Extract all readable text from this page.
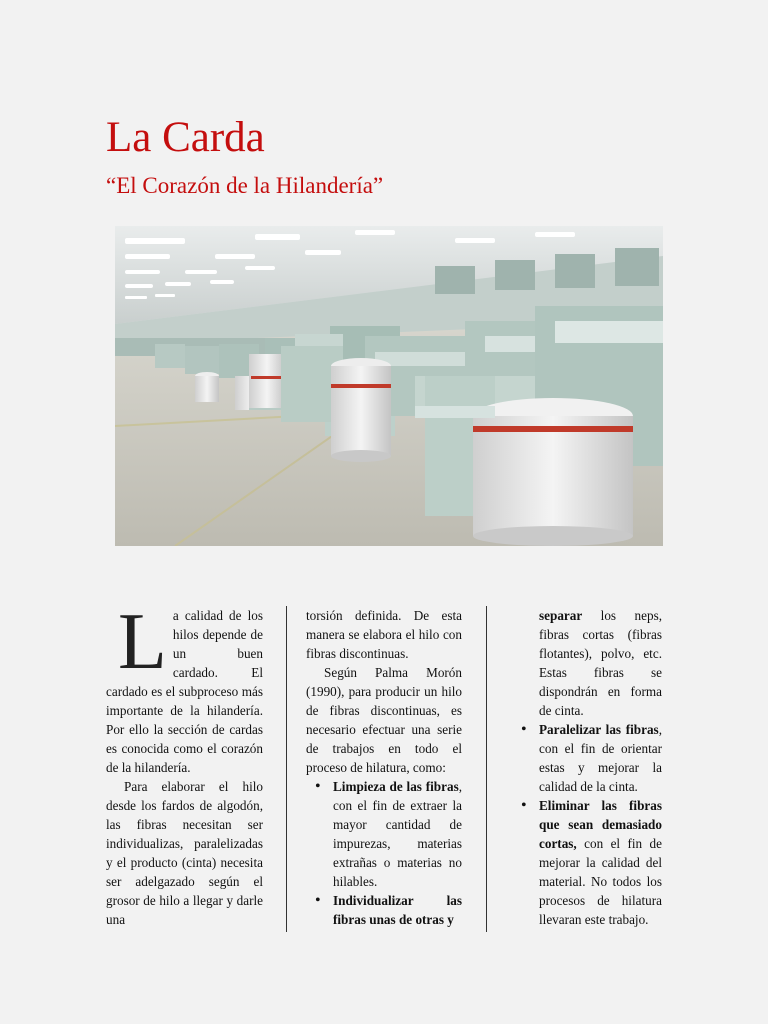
La Carda
“El Corazón de la Hilandería”

La calidad de los hilos depende de un buen cardado. El cardado es el subproceso más importante de la hilandería. Por ello la sección de cardas es conocida como el corazón de la hilandería.

Para elaborar el hilo desde los fardos de algodón, las fibras necesitan ser individualizas, paralelizadas y el producto (cinta) necesita ser adelgazado según el grosor de hilo a llegar y darle una

torsión definida. De esta manera se elabora el hilo con fibras discontinuas.

Según Palma Morón (1990), para producir un hilo de fibras discontinuas, es necesario efectuar una serie de trabajos en todo el proceso de hilatura, como:

• Limpieza de las fibras, con el fin de extraer la mayor cantidad de impurezas, materias extrañas o materias no hilables.
• Individualizar las fibras unas de otras y

separar los neps, fibras cortas (fibras flotantes), polvo, etc. Estas fibras se dispondrán en forma de cinta.

• Paralelizar las fibras, con el fin de orientar estas y mejorar la calidad de la cinta.
• Eliminar las fibras que sean demasiado cortas, con el fin de mejorar la calidad del material. No todos los procesos de hilatura llevaran este trabajo.
